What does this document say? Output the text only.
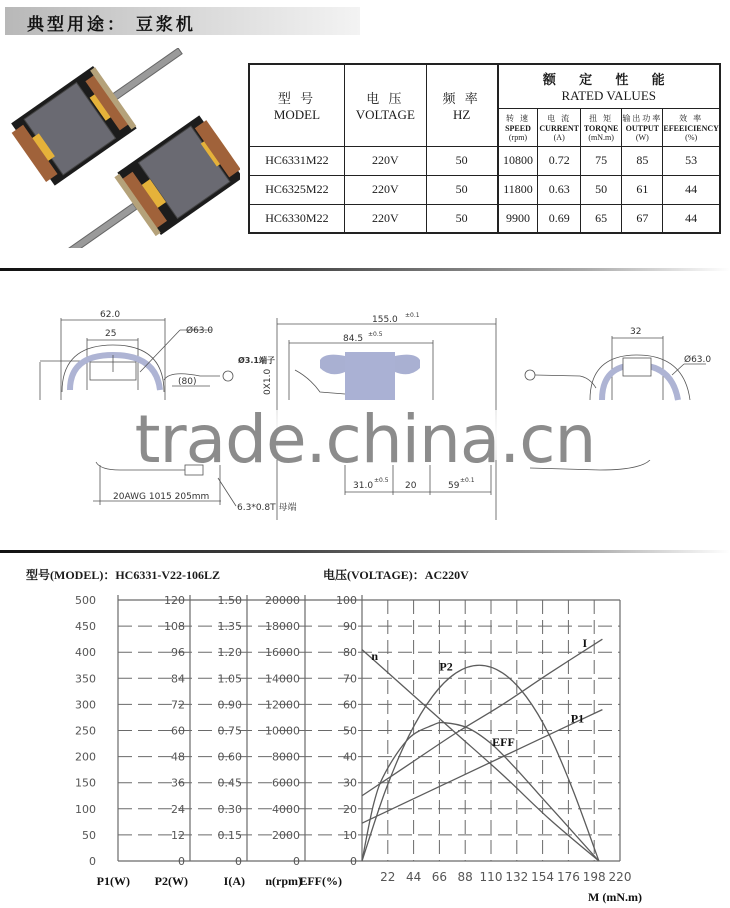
典型用途： 豆浆机
型 号
MODEL

电 压
VOLTAGE

频 率
HZ

额 定 性 能
RATED VALUES

转 速
SPEED
(rpm)

电 流
CURRENT
(A)

扭 矩
TORQNE
(mN.m)

输出功率
OUTPUT
(W)

效 率
EFEEICIENCY
(%)

HC6331M22	220V	50	10800	0.72	75	85	53
HC6325M22	220V	50	11800	0.63	50	61	44
HC6330M22	220V	50	9900	0.69	65	67	44
62.0
25	Ø63.0
Ø3.1端子
(80)
20AWG 1015 205mm
6.3*0.8T 母端
155.0 ±0.1
84.5 ±0.5
0X1.0
31.0
±0.5
20	59
±0.1
32
Ø63.0
trade.china.cn
型号(MODEL)：HC6331-V22-106LZ	电压(VOLTAGE)：AC220V
0	0	0	0	0
50	12	0.15	2000	10
100	24	0.30	4000	20
150	36	0.45	6000	30
200	48	0.60	8000	40
250	60	0.75 10000	50
300	72	0.90 12000	60
350	84	1.05 14000	70
400	96	1.20 16000	80
450	108	1.35 18000	90
500	120	1.50 20000	100
22 44 66 88 110 132 154 176 198 220
P1(W) P2(W)	I(A) n(rpm)
EFF(%)
M (mN.m)
n
I
P2
P1
EFF
